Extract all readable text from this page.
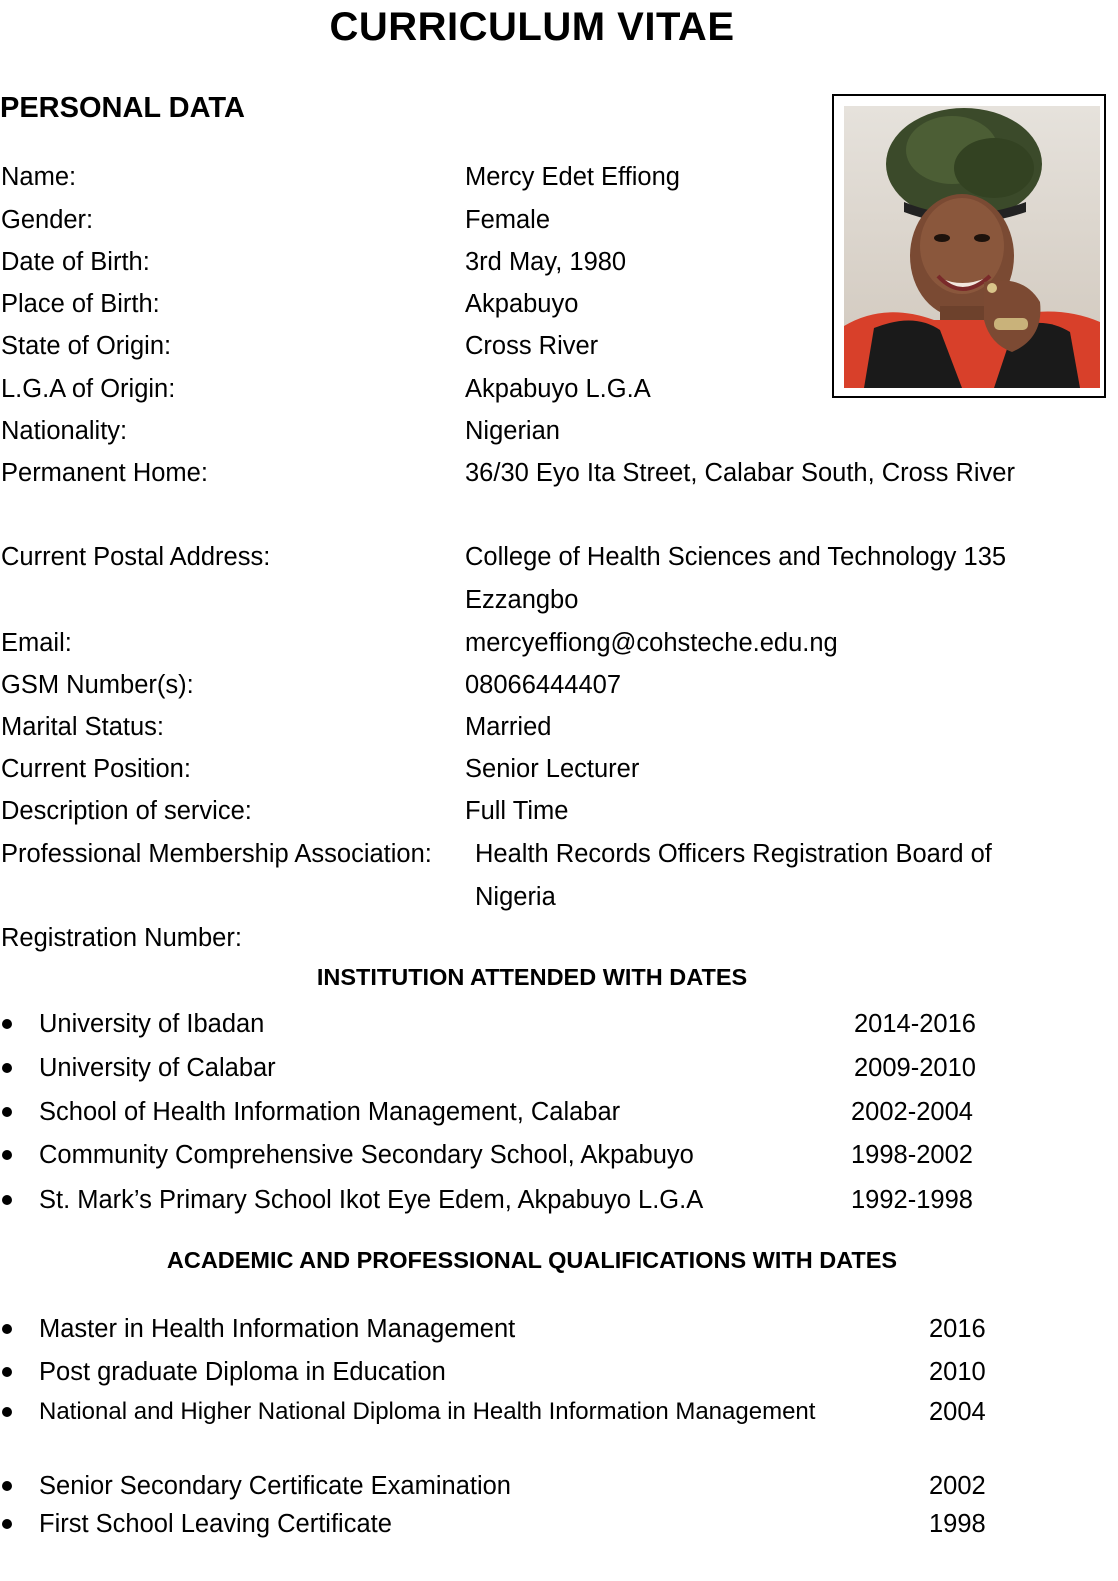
CURRICULUM VITAE
PERSONAL DATA
Name:	Mercy Edet Effiong
Gender:	Female
Date of Birth:	3rd May, 1980
Place of Birth:	Akpabuyo
State of Origin:	Cross River
L.G.A of Origin:	Akpabuyo L.G.A
Nationality:	Nigerian
Permanent Home:	36/30 Eyo Ita Street, Calabar South, Cross River
Current Postal Address:	College of Health Sciences and Technology 135 Ezzangbo
Email:	mercyeffiong@cohsteche.edu.ng
GSM Number(s):	08066444407
Marital Status:	Married
Current Position:	Senior Lecturer
Description of service:	Full Time
Professional Membership Association: Health Records Officers Registration Board of Nigeria
Registration Number:
INSTITUTION ATTENDED WITH DATES
University of Ibadan	2014-2016
University of Calabar	2009-2010
School of Health Information Management, Calabar	2002-2004
Community Comprehensive Secondary School, Akpabuyo	1998-2002
St. Mark’s Primary School Ikot Eye Edem, Akpabuyo L.G.A	1992-1998
ACADEMIC AND PROFESSIONAL QUALIFICATIONS WITH DATES
Master in Health Information Management	2016
Post graduate Diploma in Education	2010
National and Higher National Diploma in Health Information Management	2004
Senior Secondary Certificate Examination	2002
First School Leaving Certificate	1998
